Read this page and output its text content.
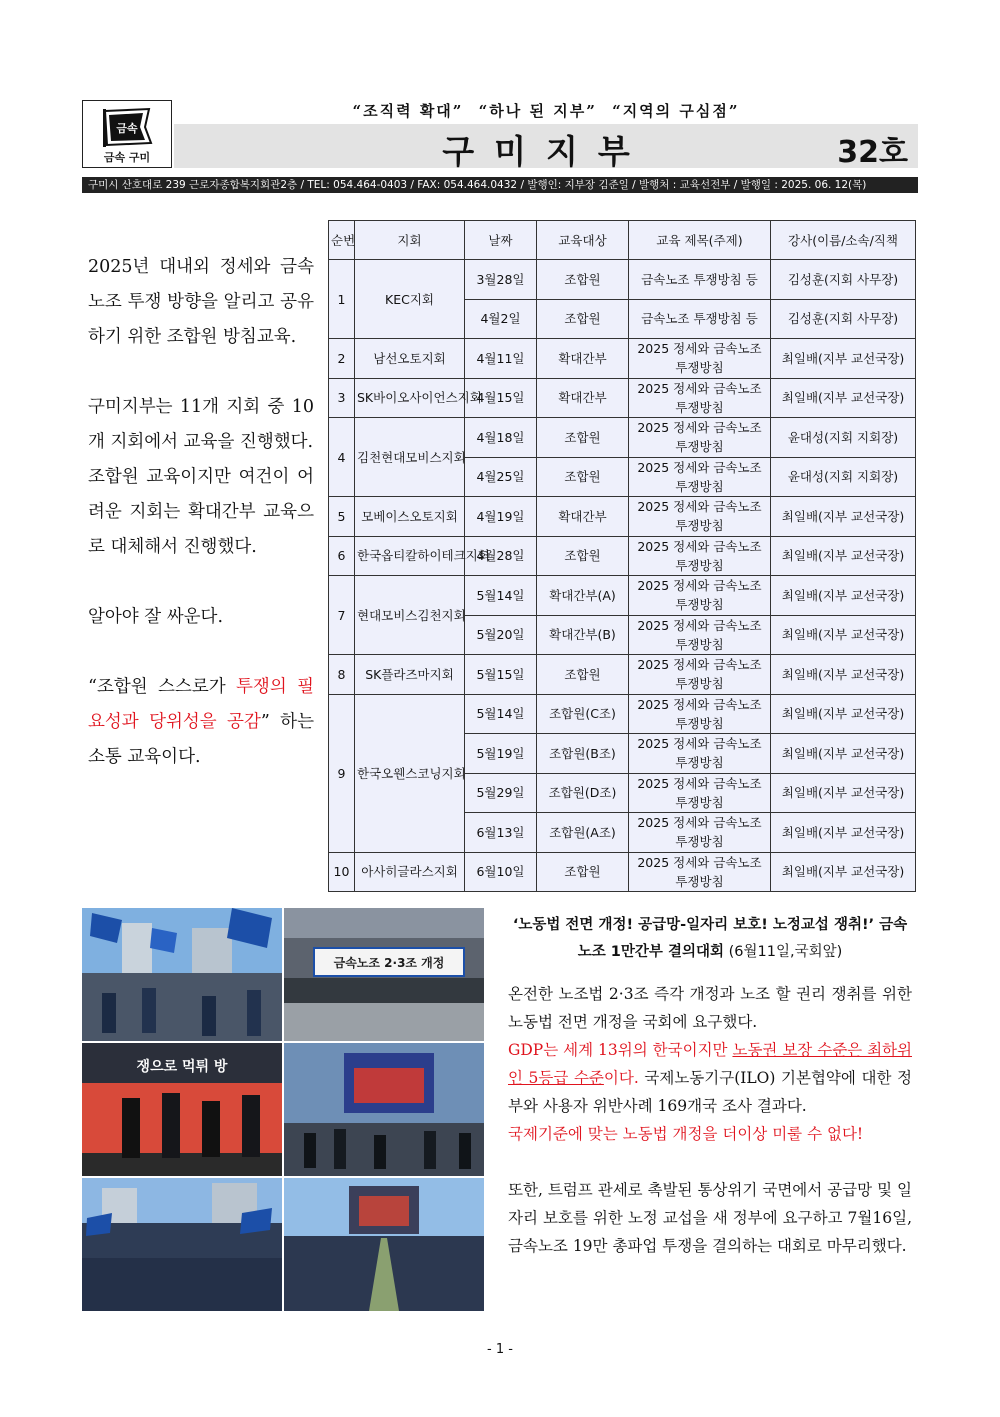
금속
금속 구미
“조직력 확대” “하나 된 지부” “지역의 구심점”
구미지부	32호
구미시 산호대로 239 근로자종합복지회관2층 / TEL: 054.464-0403 / FAX: 054.464.0432 / 발행인: 지부장 김준일 / 발행처 : 교육선전부 / 발행일 : 2025. 06. 12(목)

2025년 대내외 정세와 금속노조 투쟁 방향을 알리고 공유하기 위한 조합원 방침교육.

구미지부는 11개 지회 중 10개 지회에서 교육을 진행했다.

조합원 교육이지만 여건이 어려운 지회는 확대간부 교육으로 대체해서 진행했다.

알아야 잘 싸운다.

“조합원 스스로가 투쟁의 필요성과 당위성을 공감” 하는 소통 교육이다.

순번	지회	날짜	교육대상	교육 제목(주제)	강사(이름/소속/직책
1	KEC지회	3월28일	조합원	금속노조 투쟁방침 등	김성훈(지회 사무장)
		4월2일	조합원	금속노조 투쟁방침 등	김성훈(지회 사무장)
2	남선오토지회	4월11일	확대간부	2025 정세와 금속노조 투쟁방침	최일배(지부 교선국장)
3	SK바이오사이언스지회	4월15일	확대간부	2025 정세와 금속노조 투쟁방침	최일배(지부 교선국장)
4	김천현대모비스지회	4월18일	조합원	2025 정세와 금속노조 투쟁방침	윤대성(지회 지회장)
		4월25일	조합원	2025 정세와 금속노조 투쟁방침	윤대성(지회 지회장)
5	모베이스오토지회	4월19일	확대간부	2025 정세와 금속노조 투쟁방침	최일배(지부 교선국장)
6	한국옵티칼하이테크지회	4월28일	조합원	2025 정세와 금속노조 투쟁방침	최일배(지부 교선국장)
7	현대모비스김천지회	5월14일	확대간부(A)	2025 정세와 금속노조 투쟁방침	최일배(지부 교선국장)
		5월20일	확대간부(B)	2025 정세와 금속노조 투쟁방침	최일배(지부 교선국장)
8	SK플라즈마지회	5월15일	조합원	2025 정세와 금속노조 투쟁방침	최일배(지부 교선국장)
9	한국오웬스코닝지회	5월14일	조합원(C조)	2025 정세와 금속노조 투쟁방침	최일배(지부 교선국장)
		5월19일	조합원(B조)	2025 정세와 금속노조 투쟁방침	최일배(지부 교선국장)
		5월29일	조합원(D조)	2025 정세와 금속노조 투쟁방침	최일배(지부 교선국장)
		6월13일	조합원(A조)	2025 정세와 금속노조 투쟁방침	최일배(지부 교선국장)
10	아사히글라스지회	6월10일	조합원	2025 정세와 금속노조 투쟁방침	최일배(지부 교선국장)
금속노조 2·3조 개정
쟁으로 먹튀 방
‘노동법 전면 개정! 공급망-일자리 보호! 노정교섭 쟁취!’ 금속노조 1만간부 결의대회 (6월11일,국회앞)

온전한 노조법 2·3조 즉각 개정과 노조 할 권리 쟁취를 위한 노동법 전면 개정을 국회에 요구했다.

GDP는 세계 13위의 한국이지만 노동권 보장 수준은 최하위인 5등급 수준이다. 국제노동기구(ILO) 기본협약에 대한 정부와 사용자 위반사례 169개국 조사 결과다.

국제기준에 맞는 노동법 개정을 더이상 미룰 수 없다!

또한, 트럼프 관세로 촉발된 통상위기 국면에서 공급망 및 일자리 보호를 위한 노정 교섭을 새 정부에 요구하고 7월16일, 금속노조 19만 총파업 투쟁을 결의하는 대회로 마무리했다.

- 1 -
